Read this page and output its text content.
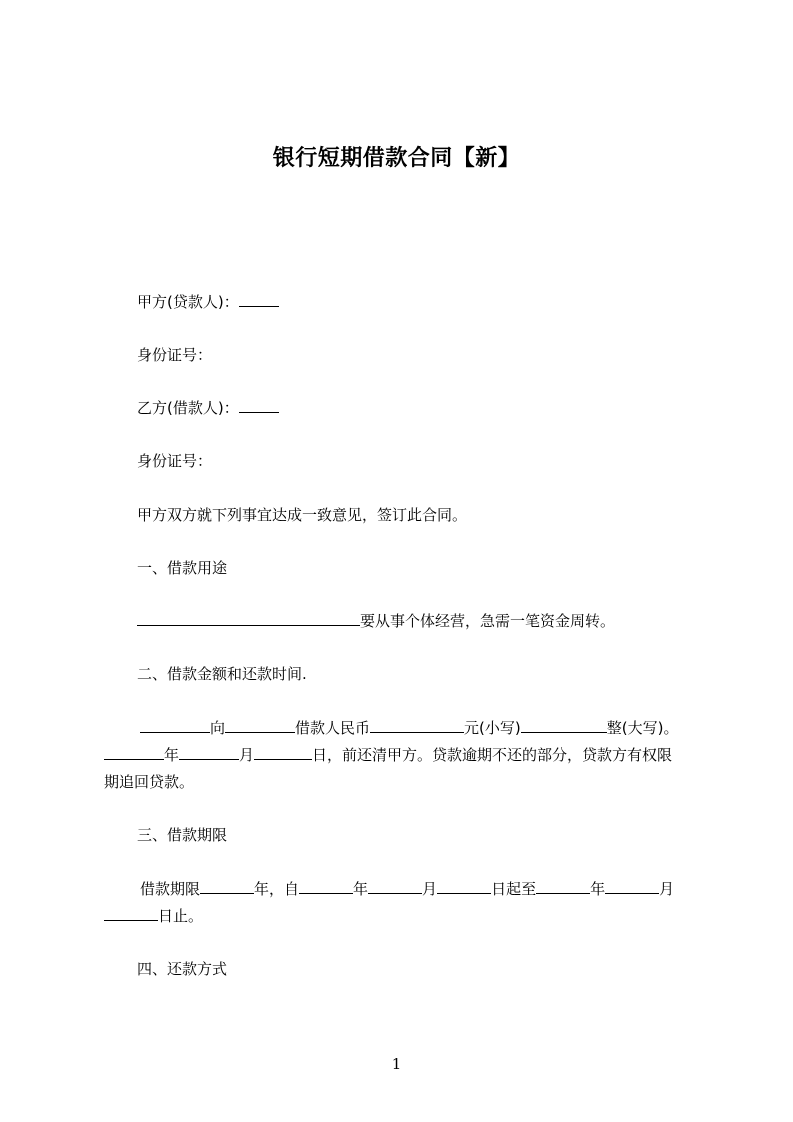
银行短期借款合同【新】
甲方(贷款人)：
身份证号：
乙方(借款人)：
身份证号：
甲方双方就下列事宜达成一致意见，签订此合同。
一、借款用途
要从事个体经营，急需一笔资金周转。
二、借款金额和还款时间.
向	借款人民币	元(小写)	整(大写)。
年	月	日，前还清甲方。贷款逾期不还的部分，贷款方有权限
期追回贷款。
三、借款期限
借款期限	年，自	年	月	日起至	年	月
日止。
四、还款方式
1
